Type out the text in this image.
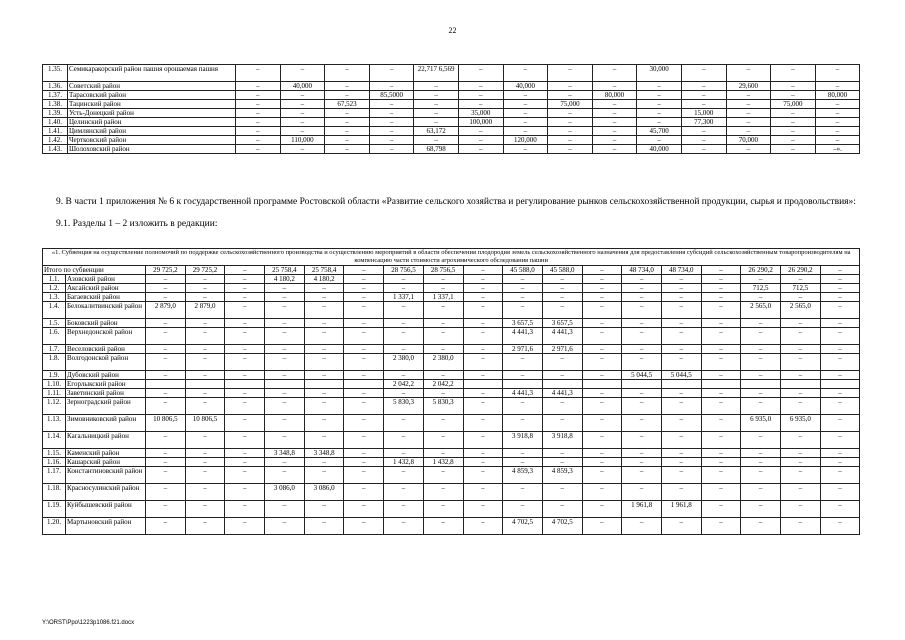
22
1.35.	Семикаракорский район пашня орошаемая пашня	–	–	–	–	22,717 6,569	–	–	–	–	30,000	–	–	–	–
1.36.	Советский район	–	40,000	–	–	–	–	40,000	–	–	–	–	29,600	–	–
1.37.	Тарасовский район	–	–	–	85,5000	–	–	–	–	80,000	–	–	–	–	80,000
1.38.	Тацинский район	–	–	67,523	–	–	–	–	75,000	–	–	–	–	75,000	–
1.39.	Усть-Донецкий район	–	–	–	–	–	35,000	–	–	–	–	15,000	–	–	–
1.40.	Целинский район	–	–	–	–	–	100,000	–	–	–	–	77,300	–	–	–
1.41.	Цимлянский район	–	–	–	–	63,172	–	–	–	–	45,700	–	–	–	–
1.42.	Чертковский район	–	110,000	–	–	–	–	120,000	–	–	–	–	70,000	–	–
1.43.	Шолоховский район	–	–	–	–	68,798	–	–	–	–	40,000	–	–	–	–».
9. В части 1 приложения № 6 к государственной программе Ростовской области «Развитие сельского хозяйства и регулирование рынков сельскохозяйственной продукции, сырья и продовольствия»:
9.1. Разделы 1 – 2 изложить в редакции:
«1. Субвенция на осуществление полномочий по поддержке сельскохозяйственного производства и осуществлению мероприятий в области обеспечения плодородия земель сельскохозяйственного назначения для предоставления субсидий сельскохозяйственным товаропроизводителям на компенсацию части стоимости агрохимического обследования пашни																			
Итого по субвенции		29 725,2	29 725,2	–	25 758,4	25 758,4	–	28 756,5	28 756,5	–	45 588,0	45 588,0	–	48 734,0	48 734,0	–	26 290,2	26 290,2	–
1.1.	Азовский район	–	–	–	4 180,2	4 180,2	–	–	–	–	–	–	–	–	–	–	–	–	–
1.2.	Аксайский район	–	–	–	–	–	–	–	–	–	–	–	–	–	–	–	712,5	712,5	–
1.3.	Багаевский район	–	–	–	–	–	–	1 337,1	1 337,1	–	–	–	–	–	–	–	–	–	–
1.4.	Белокалитвинский район	2 879,0	2 879,0	–	–	–	–	–	–	–	–	–	–	–	–	–	2 565,0	2 565,0	–
1.5.	Боковский район	–	–	–	–	–	–	–	–	–	3 657,5	3 657,5	–	–	–	–	–	–	–
1.6.	Верхнедонской район	–	–	–	–	–	–	–	–	–	4 441,3	4 441,3	–	–	–	–	–	–	–
1.7.	Веселовский район	–	–	–	–	–	–	–	–	–	2 971,6	2 971,6	–	–	–	–	–	–	–
1.8.	Волгодонской район	–	–	–	–	–	–	2 380,0	2 380,0	–	–	–	–	–	–	–	–	–	–
1.9.	Дубовский район	–	–	–	–	–	–	–	–	–	–	–	–	5 044,5	5 044,5	–	–	–	–
1.10.	Егорлыкский район							2 042,2	2 042,2										
1.11.	Заветинский район	–	–	–	–	–	–	–	–	–	4 441,3	4 441,3	–	–	–	–	–	–	–
1.12.	Зерноградский район	–	–	–	–	–	–	5 830,3	5 830,3	–	–	–	–	–	–	–	–	–	–
1.13.	Зимовниковский район	10 806,5	10 806,5	–	–	–	–	–	–	–	–	–	–	–	–	–	6 935,0	6 935,0	–
1.14.	Кагальницкий район	–	–	–	–	–	–	–	–	–	3 918,8	3 918,8	–	–	–	–	–	–	–
1.15.	Каменский район	–	–	–	3 348,8	3 348,8	–	–	–	–	–	–	–	–	–	–	–	–	–
1.16.	Кашарский район	–	–	–	–	–	–	1 432,8	1 432,8	–	–	–	–	–	–	–	–	–	–
1.17.	Константиновский район	–	–	–	–	–	–	–	–	–	4 859,3	4 859,3	–	–	–	–	–	–	–
1.18.	Красносулинский район	–	–	–	3 086,0	3 086,0	–	–	–	–	–	–	–	–	–	–	–	–	–
1.19.	Куйбышевский район	–	–	–	–	–	–	–	–	–	–	–	–	1 961,8	1 961,8	–	–	–	–
1.20.	Мартыновский район	–	–	–	–	–	–	–	–	–	4 702,5	4 702,5	–	–	–	–	–	–	–
Y:\ORST\Ppo\1223p1086.f21.docx
